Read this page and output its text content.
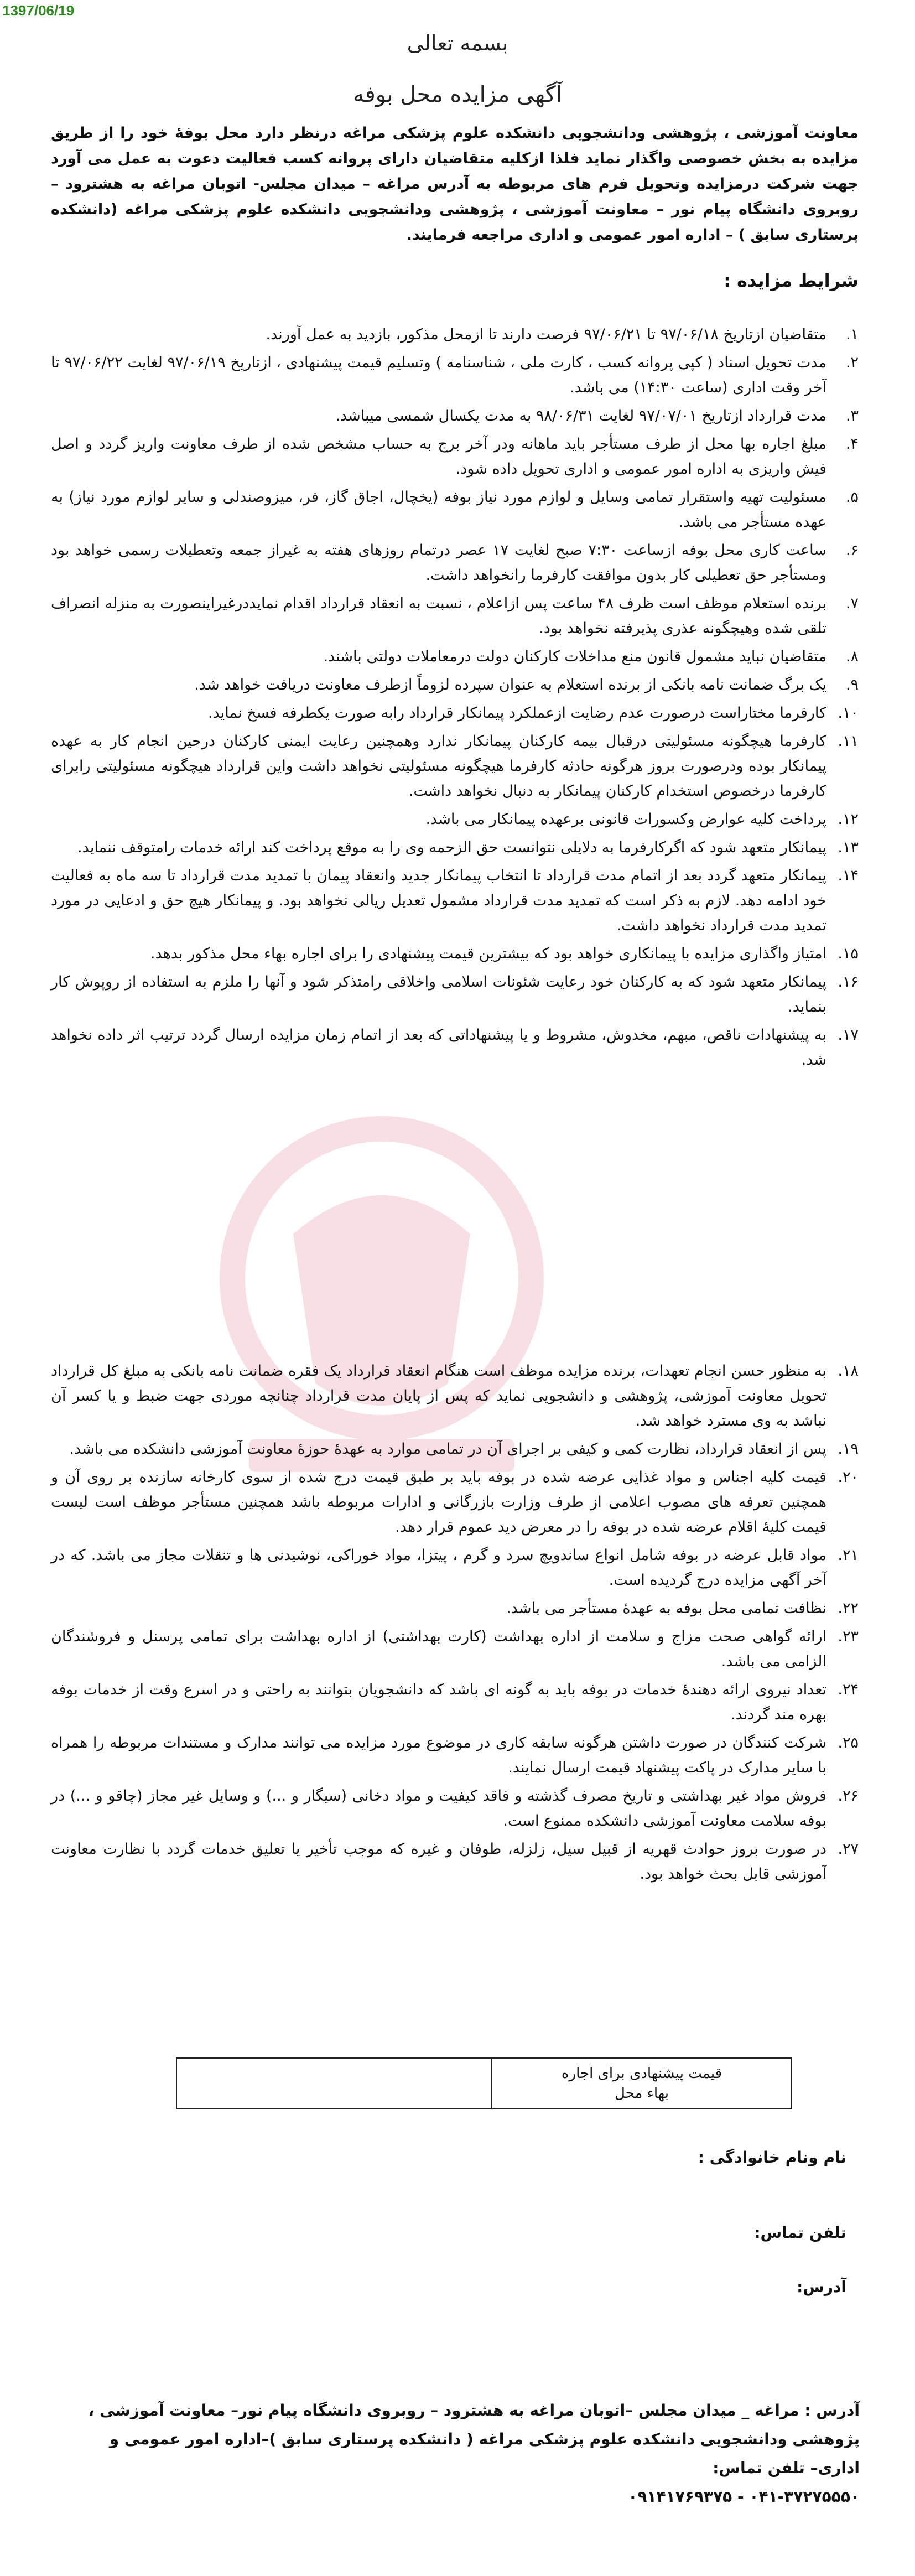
1397/06/19
بسمه تعالی
آگهی مزایده محل بوفه
معاونت آموزشی ، پژوهشی ودانشجویی دانشکده علوم پزشکی مراغه درنظر دارد محل بوفهٔ خود را از طریق مزایده به بخش خصوصی واگذار نماید فلذا ازکلیه متقاضیان دارای پروانه کسب فعالیت دعوت به عمل می آورد جهت شرکت درمزایده وتحویل فرم های مربوطه به آدرس مراغه – میدان مجلس- اتوبان مراغه به هشترود – روبروی دانشگاه پیام نور – معاونت آموزشی ، پژوهشی ودانشجویی دانشکده علوم پزشکی مراغه (دانشکده پرستاری سابق ) – اداره امور عمومی و اداری مراجعه فرمایند.
شرایط مزایده :
۱.
متقاضیان ازتاریخ ۹۷/۰۶/۱۸ تا ۹۷/۰۶/۲۱ فرصت دارند تا ازمحل مذکور، بازدید به عمل آورند.
۲.
مدت تحویل اسناد ( کپی پروانه کسب ، کارت ملی ، شناسنامه ) وتسلیم قیمت پیشنهادی ، ازتاریخ ۹۷/۰۶/۱۹ لغایت ۹۷/۰۶/۲۲ تا آخر وقت اداری (ساعت ۱۴:۳۰) می باشد.
۳.
مدت قرارداد ازتاریخ ۹۷/۰۷/۰۱ لغایت ۹۸/۰۶/۳۱ به مدت یکسال شمسی میباشد.
۴.
مبلغ اجاره بها محل از طرف مستأجر باید ماهانه ودر آخر برج به حساب مشخص شده از طرف معاونت واریز گردد و اصل فیش واریزی به اداره امور عمومی و اداری تحویل داده شود.
۵.
مسئولیت تهیه واستقرار تمامی وسایل و لوازم مورد نیاز بوفه (یخچال، اجاق گاز، فر، میزوصندلی و سایر لوازم مورد نیاز) به عهده مستأجر می باشد.
۶.
ساعت کاری محل بوفه ازساعت ۷:۳۰ صبح لغایت ۱۷ عصر درتمام روزهای هفته به غیراز جمعه وتعطیلات رسمی خواهد بود ومستأجر حق تعطیلی کار بدون موافقت کارفرما رانخواهد داشت.
۷.
برنده استعلام موظف است ظرف ۴۸ ساعت پس ازاعلام ، نسبت به انعقاد قرارداد اقدام نمایددرغیراینصورت به منزله انصراف تلقی شده وهیچگونه عذری پذیرفته نخواهد بود.
۸.
متقاضیان نباید مشمول قانون منع مداخلات کارکنان دولت درمعاملات دولتی باشند.
۹.
یک برگ ضمانت نامه بانکی از برنده استعلام به عنوان سپرده لزوماً ازطرف معاونت دریافت خواهد شد.
۱۰.
کارفرما مختاراست درصورت عدم رضایت ازعملکرد پیمانکار قرارداد رابه صورت یکطرفه فسخ نماید.
۱۱.
کارفرما هیچگونه مسئولیتی درقبال بیمه کارکنان پیمانکار ندارد وهمچنین رعایت ایمنی کارکنان درحین انجام کار به عهده پیمانکار بوده ودرصورت بروز هرگونه حادثه کارفرما هیچگونه مسئولیتی نخواهد داشت واین قرارداد هیچگونه مسئولیتی رابرای کارفرما درخصوص استخدام کارکنان پیمانکار به دنبال نخواهد داشت.
۱۲.
پرداخت کلیه عوارض وکسورات قانونی برعهده پیمانکار می باشد.
۱۳.
پیمانکار متعهد شود که اگرکارفرما به دلایلی نتوانست حق الزحمه وی را به موقع پرداخت کند ارائه خدمات رامتوقف ننماید.
۱۴.
پیمانکار متعهد گردد بعد از اتمام مدت قرارداد تا انتخاب پیمانکار جدید وانعقاد پیمان با تمدید مدت قرارداد تا سه ماه به فعالیت خود ادامه دهد. لازم به ذکر است که تمدید مدت قرارداد مشمول تعدیل ریالی نخواهد بود. و پیمانکار هیچ حق و ادعایی در مورد تمدید مدت قرارداد نخواهد داشت.
۱۵.
امتیاز واگذاری مزایده با پیمانکاری خواهد بود که بیشترین قیمت پیشنهادی را برای اجاره بهاء محل مذکور بدهد.
۱۶.
پیمانکار متعهد شود که به کارکنان خود رعایت شئونات اسلامی واخلاقی رامتذکر شود و آنها را ملزم به استفاده از روپوش کار بنماید.
۱۷.
به پیشنهادات ناقص، مبهم، مخدوش، مشروط و یا پیشنهاداتی که بعد از اتمام زمان مزایده ارسال گردد ترتیب اثر داده نخواهد شد.
۱۸.
به منظور حسن انجام تعهدات، برنده مزایده موظف است هنگام انعقاد قرارداد یک فقره ضمانت نامه بانکی به مبلغ کل قرارداد تحویل معاونت آموزشی، پژوهشی و دانشجویی نماید که پس از پایان مدت قرارداد چنانچه موردی جهت ضبط و یا کسر آن نباشد به وی مسترد خواهد شد.
۱۹.
پس از انعقاد قرارداد، نظارت کمی و کیفی بر اجرای آن در تمامی موارد به عهدهٔ حوزهٔ معاونت آموزشی دانشکده می باشد.
۲۰.
قیمت کلیه اجناس و مواد غذایی عرضه شده در بوفه باید بر طبق قیمت درج شده از سوی کارخانه سازنده بر روی آن و همچنین تعرفه های مصوب اعلامی از طرف وزارت بازرگانی و ادارات مربوطه باشد همچنین مستأجر موظف است لیست قیمت کلیهٔ اقلام عرضه شده در بوفه را در معرض دید عموم قرار دهد.
۲۱.
مواد قابل عرضه در بوفه شامل انواع ساندویچ سرد و گرم ، پیتزا، مواد خوراکی، نوشیدنی ها و تنقلات مجاز می باشد. که در آخر آگهی مزایده درج گردیده است.
۲۲.
نظافت تمامی محل بوفه به عهدهٔ مستأجر می باشد.
۲۳.
ارائه گواهی صحت مزاج و سلامت از اداره بهداشت (کارت بهداشتی) از اداره بهداشت برای تمامی پرسنل و فروشندگان الزامی می باشد.
۲۴.
تعداد نیروی ارائه دهندهٔ خدمات در بوفه باید به گونه ای باشد که دانشجویان بتوانند به راحتی و در اسرع وقت از خدمات بوفه بهره مند گردند.
۲۵.
شرکت کنندگان در صورت داشتن هرگونه سابقه کاری در موضوع مورد مزایده می توانند مدارک و مستندات مربوطه را همراه با سایر مدارک در پاکت پیشنهاد قیمت ارسال نمایند.
۲۶.
فروش مواد غیر بهداشتی و تاریخ مصرف گذشته و فاقد کیفیت و مواد دخانی (سیگار و ...) و وسایل غیر مجاز (چاقو و ...) در بوفه سلامت معاونت آموزشی دانشکده ممنوع است.
۲۷.
در صورت بروز حوادث قهریه از قبیل سیل، زلزله، طوفان و غیره که موجب تأخیر یا تعلیق خدمات گردد با نظارت معاونت آموزشی قابل بحث خواهد بود.
قیمت پیشنهادی برای اجاره
بهاء محل

نام ونام خانوادگی :
تلفن تماس:
آدرس:
آدرس : مراغه _ میدان مجلس –اتوبان مراغه به هشترود – روبروی دانشگاه پیام نور– معاونت آموزشی ، پژوهشی ودانشجویی دانشکده علوم پزشکی مراغه ( دانشکده پرستاری سابق )–اداره امور عمومی و اداری– تلفن تماس:
۰۹۱۴۱۷۶۹۳۷۵ - ۰۴۱-۳۷۲۷۵۵۵۰
